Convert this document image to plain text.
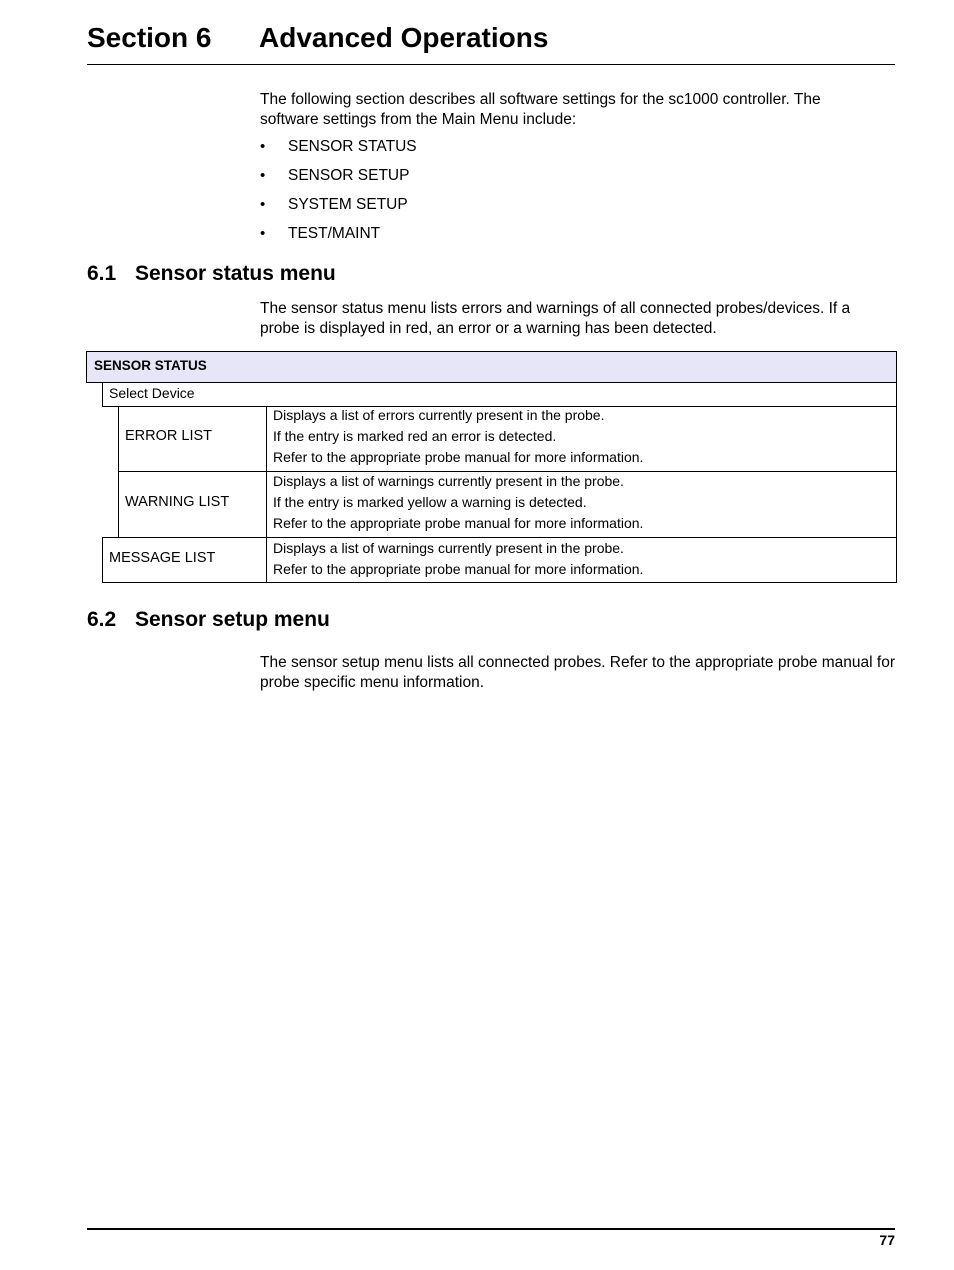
Section 6 Advanced Operations
The following section describes all software settings for the sc1000 controller. The software settings from the Main Menu include:
• SENSOR STATUS
• SENSOR SETUP
• SYSTEM SETUP
• TEST/MAINT
6.1 Sensor status menu
The sensor status menu lists errors and warnings of all connected probes/devices. If a probe is displayed in red, an error or a warning has been detected.
SENSOR STATUS
Select Device
ERROR LIST
Displays a list of errors currently present in the probe.
If the entry is marked red an error is detected.
Refer to the appropriate probe manual for more information.
WARNING LIST
Displays a list of warnings currently present in the probe.
If the entry is marked yellow a warning is detected.
Refer to the appropriate probe manual for more information.
MESSAGE LIST
Displays a list of warnings currently present in the probe.
Refer to the appropriate probe manual for more information.
6.2 Sensor setup menu
The sensor setup menu lists all connected probes. Refer to the appropriate probe manual for probe specific menu information.
77
